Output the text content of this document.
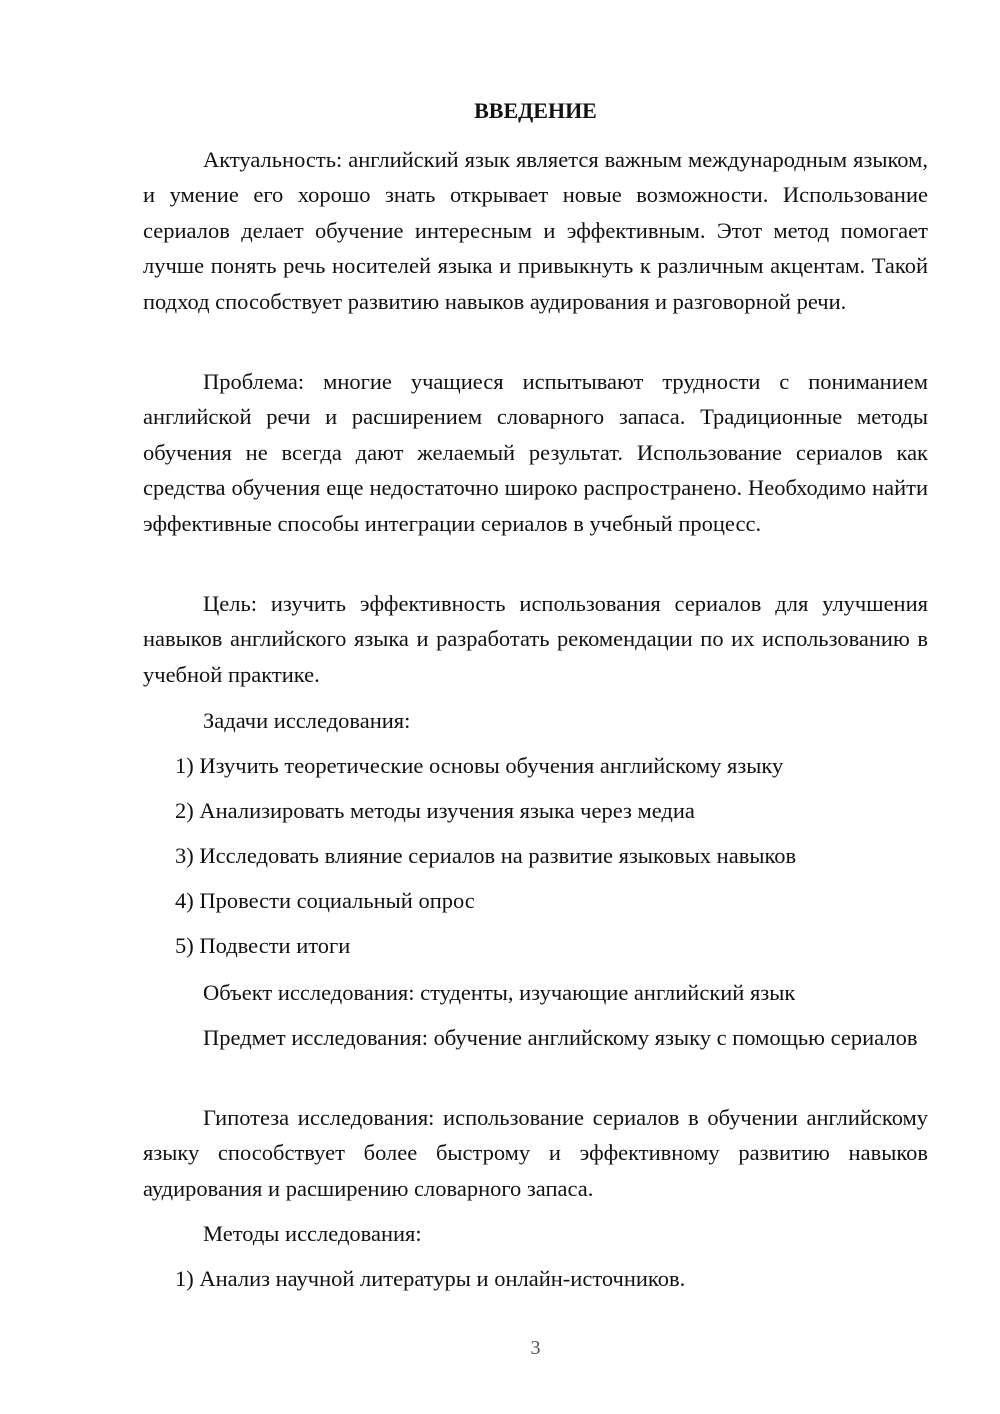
ВВЕДЕНИЕ

Актуальность: английский язык является важным международным языком, и умение его хорошо знать открывает новые возможности. Использование сериалов делает обучение интересным и эффективным. Этот метод помогает лучше понять речь носителей языка и привыкнуть к различным акцентам. Такой подход способствует развитию навыков аудирования и разговорной речи.

Проблема: многие учащиеся испытывают трудности с пониманием английской речи и расширением словарного запаса. Традиционные методы обучения не всегда дают желаемый результат. Использование сериалов как средства обучения еще недостаточно широко распространено. Необходимо найти эффективные способы интеграции сериалов в учебный процесс.

Цель: изучить эффективность использования сериалов для улучшения навыков английского языка и разработать рекомендации по их использованию в учебной практике.

Задачи исследования:

1) Изучить теоретические основы обучения английскому языку

2) Анализировать методы изучения языка через медиа

3) Исследовать влияние сериалов на развитие языковых навыков

4) Провести социальный опрос

5) Подвести итоги

Объект исследования: студенты, изучающие английский язык

Предмет исследования: обучение английскому языку с помощью сериалов

Гипотеза исследования: использование сериалов в обучении английскому языку способствует более быстрому и эффективному развитию навыков аудирования и расширению словарного запаса.

Методы исследования:

1) Анализ научной литературы и онлайн-источников.

3
